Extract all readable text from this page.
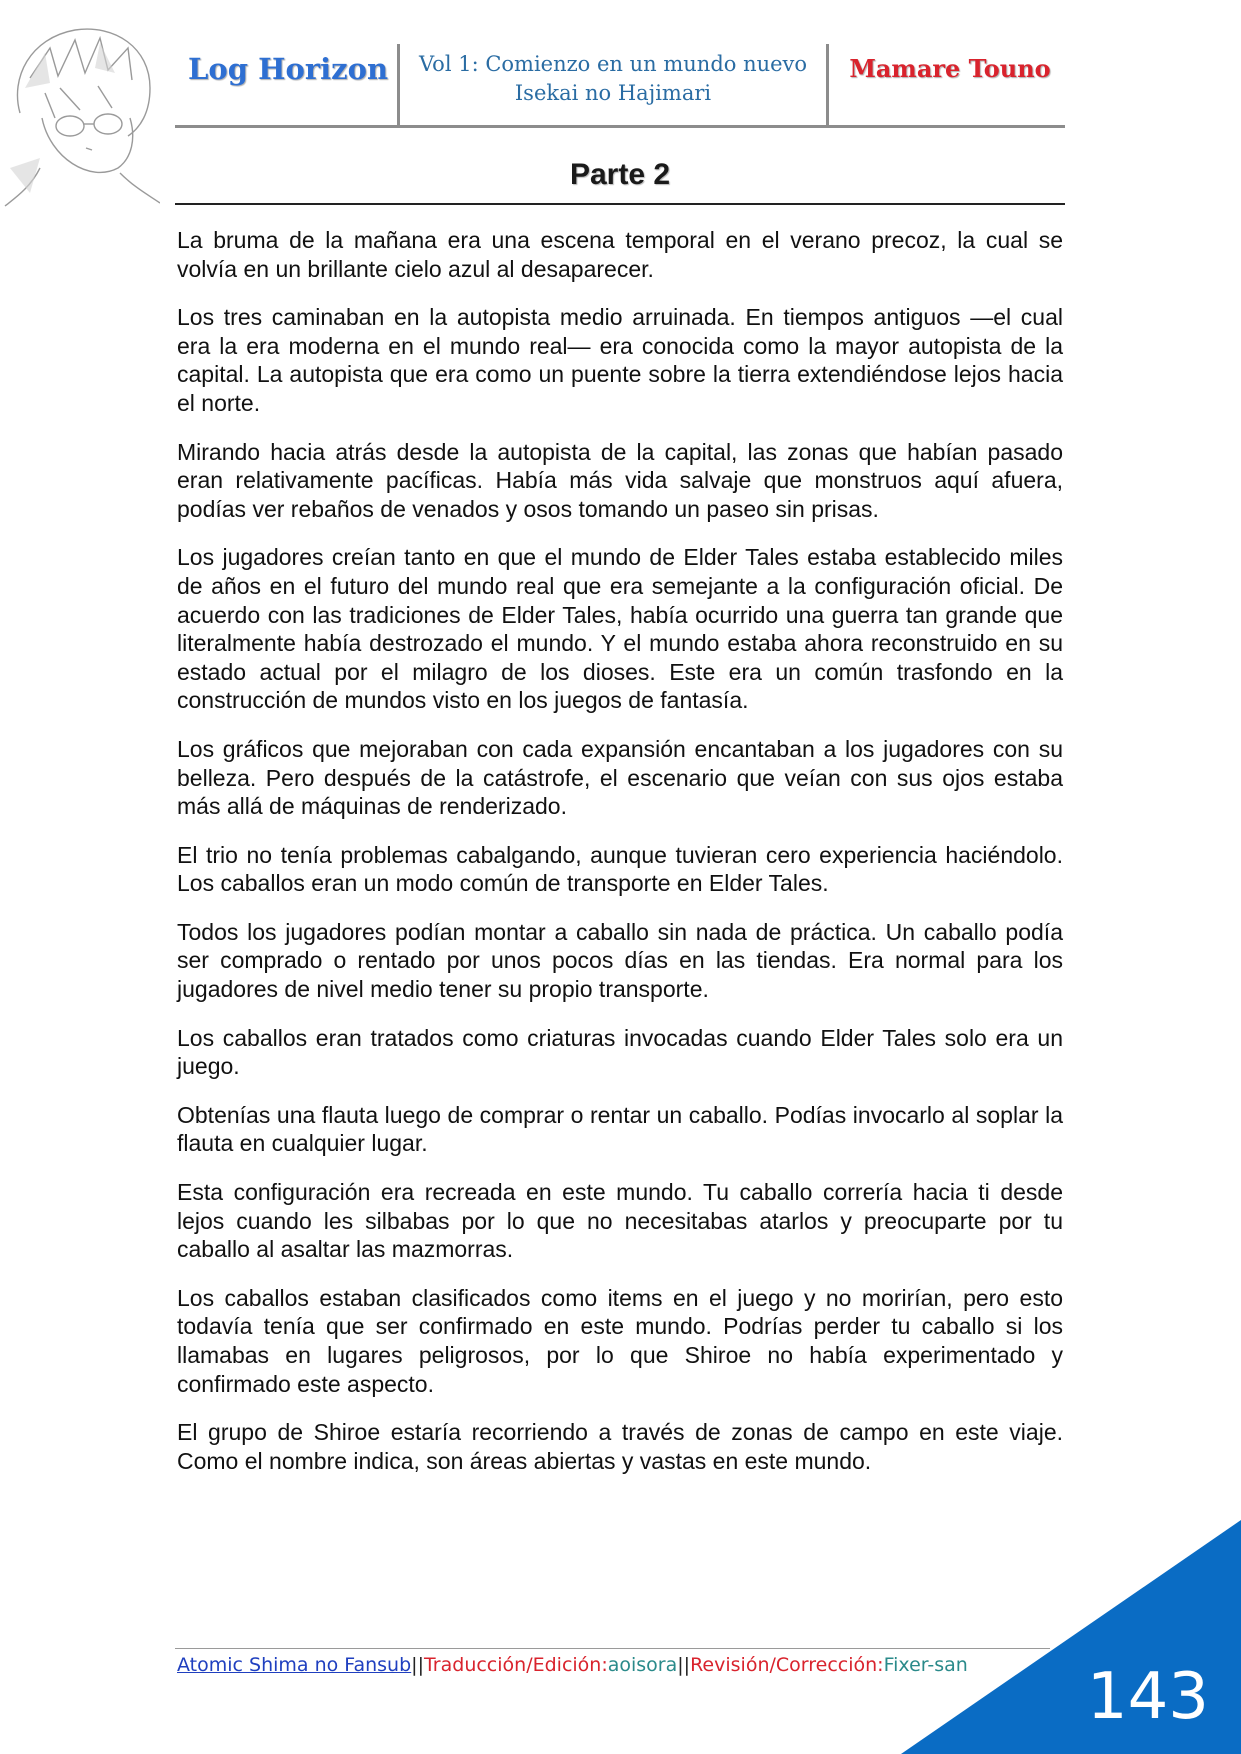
Log Horizon	Vol 1: Comienzo en un mundo nuevo
Isekai no Hajimari
Mamare Touno
Parte 2

La bruma de la mañana era una escena temporal en el verano precoz, la cual se volvía en un brillante cielo azul al desaparecer.

Los tres caminaban en la autopista medio arruinada. En tiempos antiguos —el cual era la era moderna en el mundo real— era conocida como la mayor autopista de la capital. La autopista que era como un puente sobre la tierra extendiéndose lejos hacia el norte.

Mirando hacia atrás desde la autopista de la capital, las zonas que habían pasado eran relativamente pacíficas. Había más vida salvaje que monstruos aquí afuera, podías ver rebaños de venados y osos tomando un paseo sin prisas.

Los jugadores creían tanto en que el mundo de Elder Tales estaba establecido miles de años en el futuro del mundo real que era semejante a la configuración oficial. De acuerdo con las tradiciones de Elder Tales, había ocurrido una guerra tan grande que literalmente había destrozado el mundo. Y el mundo estaba ahora reconstruido en su estado actual por el milagro de los dioses. Este era un común trasfondo en la construcción de mundos visto en los juegos de fantasía.

Los gráficos que mejoraban con cada expansión encantaban a los jugadores con su belleza. Pero después de la catástrofe, el escenario que veían con sus ojos estaba más allá de máquinas de renderizado.

El trio no tenía problemas cabalgando, aunque tuvieran cero experiencia haciéndolo. Los caballos eran un modo común de transporte en Elder Tales.

Todos los jugadores podían montar a caballo sin nada de práctica. Un caballo podía ser comprado o rentado por unos pocos días en las tiendas. Era normal para los jugadores de nivel medio tener su propio transporte.

Los caballos eran tratados como criaturas invocadas cuando Elder Tales solo era un juego.

Obtenías una flauta luego de comprar o rentar un caballo. Podías invocarlo al soplar la flauta en cualquier lugar.

Esta configuración era recreada en este mundo. Tu caballo correría hacia ti desde lejos cuando les silbabas por lo que no necesitabas atarlos y preocuparte por tu caballo al asaltar las mazmorras.

Los caballos estaban clasificados como items en el juego y no morirían, pero esto todavía tenía que ser confirmado en este mundo. Podrías perder tu caballo si los llamabas en lugares peligrosos, por lo que Shiroe no había experimentado y confirmado este aspecto.

El grupo de Shiroe estaría recorriendo a través de zonas de campo en este viaje. Como el nombre indica, son áreas abiertas y vastas en este mundo.

Atomic Shima no Fansub||Traducción/Edición:aoisora||Revisión/Corrección:Fixer-san 143
